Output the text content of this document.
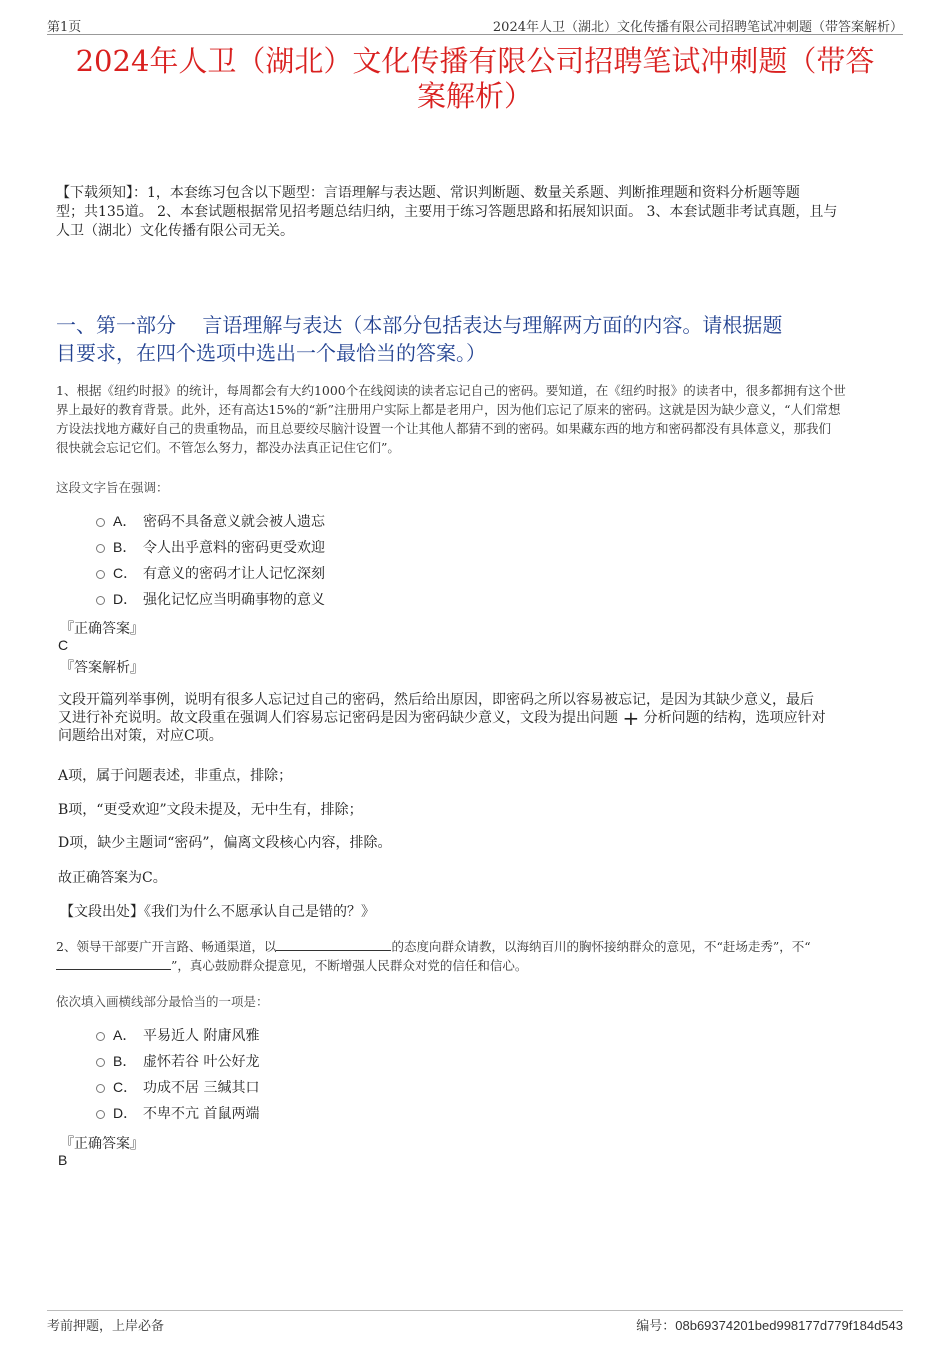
第1页	2024年人卫（湖北）文化传播有限公司招聘笔试冲刺题（带答案解析）
2024年人卫（湖北）文化传播有限公司招聘笔试冲刺题（带答
案解析）
【下载须知】：1，本套练习包含以下题型：言语理解与表达题、常识判断题、数量关系题、判断推理题和资料分析题等题
型；共135道。 2、本套试题根据常见招考题总结归纳，主要用于练习答题思路和拓展知识面。 3、本套试题非考试真题，且与
人卫（湖北）文化传播有限公司无关。
一、第一部分　 言语理解与表达（本部分包括表达与理解两方面的内容。请根据题
目要求，在四个选项中选出一个最恰当的答案。）
1、根据《纽约时报》的统计，每周都会有大约1000个在线阅读的读者忘记自己的密码。要知道，在《纽约时报》的读者中，很多都拥有这个世
界上最好的教育背景。此外，还有高达15%的“新”注册用户实际上都是老用户，因为他们忘记了原来的密码。这就是因为缺少意义，“人们常想
方设法找地方藏好自己的贵重物品，而且总要绞尽脑汁设置一个让其他人都猜不到的密码。如果藏东西的地方和密码都没有具体意义，那我们
很快就会忘记它们。不管怎么努力，都没办法真正记住它们”。
这段文字旨在强调：
A． 密码不具备意义就会被人遗忘
B． 令人出乎意料的密码更受欢迎
C． 有意义的密码才让人记忆深刻
D． 强化记忆应当明确事物的意义
『正确答案』
C
『答案解析』
文段开篇列举事例，说明有很多人忘记过自己的密码，然后给出原因，即密码之所以容易被忘记，是因为其缺少意义，最后
又进行补充说明。故文段重在强调人们容易忘记密码是因为密码缺少意义，文段为提出问题 + 分析问题的结构，选项应针对
问题给出对策，对应C项。
A项，属于问题表述，非重点，排除；
B项，“更受欢迎”文段未提及，无中生有，排除；
D项，缺少主题词“密码”，偏离文段核心内容，排除。
故正确答案为C。
【文段出处】《我们为什么不愿承认自己是错的？》
2、领导干部要广开言路、畅通渠道，以	的态度向群众请教，以海纳百川的胸怀接纳群众的意见，不“赶场走秀”，不“
”，真心鼓励群众提意见，不断增强人民群众对党的信任和信心。
依次填入画横线部分最恰当的一项是：
A． 平易近人 附庸风雅
B． 虚怀若谷 叶公好龙
C． 功成不居 三缄其口
D． 不卑不亢 首鼠两端
『正确答案』
B
考前押题，上岸必备	编号：08b69374201bed998177d779f184d543
